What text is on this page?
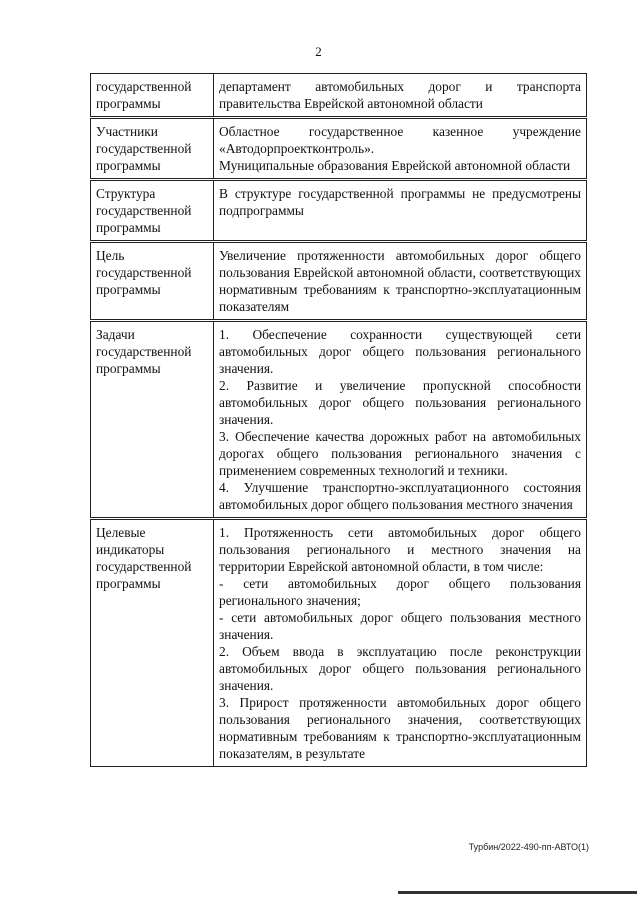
2
государственной программы	департамент автомобильных дорог и транспорта правительства Еврейской автономной области

Участники государственной программы	Областное государственное казенное учреждение «Автодорпроектконтроль».
Муниципальные образования Еврейской автономной области

Структура государственной программы	В структуре государственной программы не предусмотрены подпрограммы

Цель государственной программы	Увеличение протяженности автомобильных дорог общего пользования Еврейской автономной области, соответствующих нормативным требованиям к транспортно-эксплуатационным показателям

Задачи государственной программы	1. Обеспечение сохранности существующей сети автомобильных дорог общего пользования регионального значения.
2. Развитие и увеличение пропускной способности автомобильных дорог общего пользования регионального значения.
3. Обеспечение качества дорожных работ на автомобильных дорогах общего пользования регионального значения с применением современных технологий и техники.
4. Улучшение транспортно-эксплуатационного состояния автомобильных дорог общего пользования местного значения

Целевые индикаторы государственной программы	1. Протяженность сети автомобильных дорог общего пользования регионального и местного значения на территории Еврейской автономной области, в том числе:
- сети автомобильных дорог общего пользования регионального значения;
- сети автомобильных дорог общего пользования местного значения.
2. Объем ввода в эксплуатацию после реконструкции автомобильных дорог общего пользования регионального значения.
3. Прирост протяженности автомобильных дорог общего пользования регионального значения, соответствующих нормативным требованиям к транспортно-эксплуатационным показателям, в результате
Турбин/2022-490-пп-АВТО(1)
